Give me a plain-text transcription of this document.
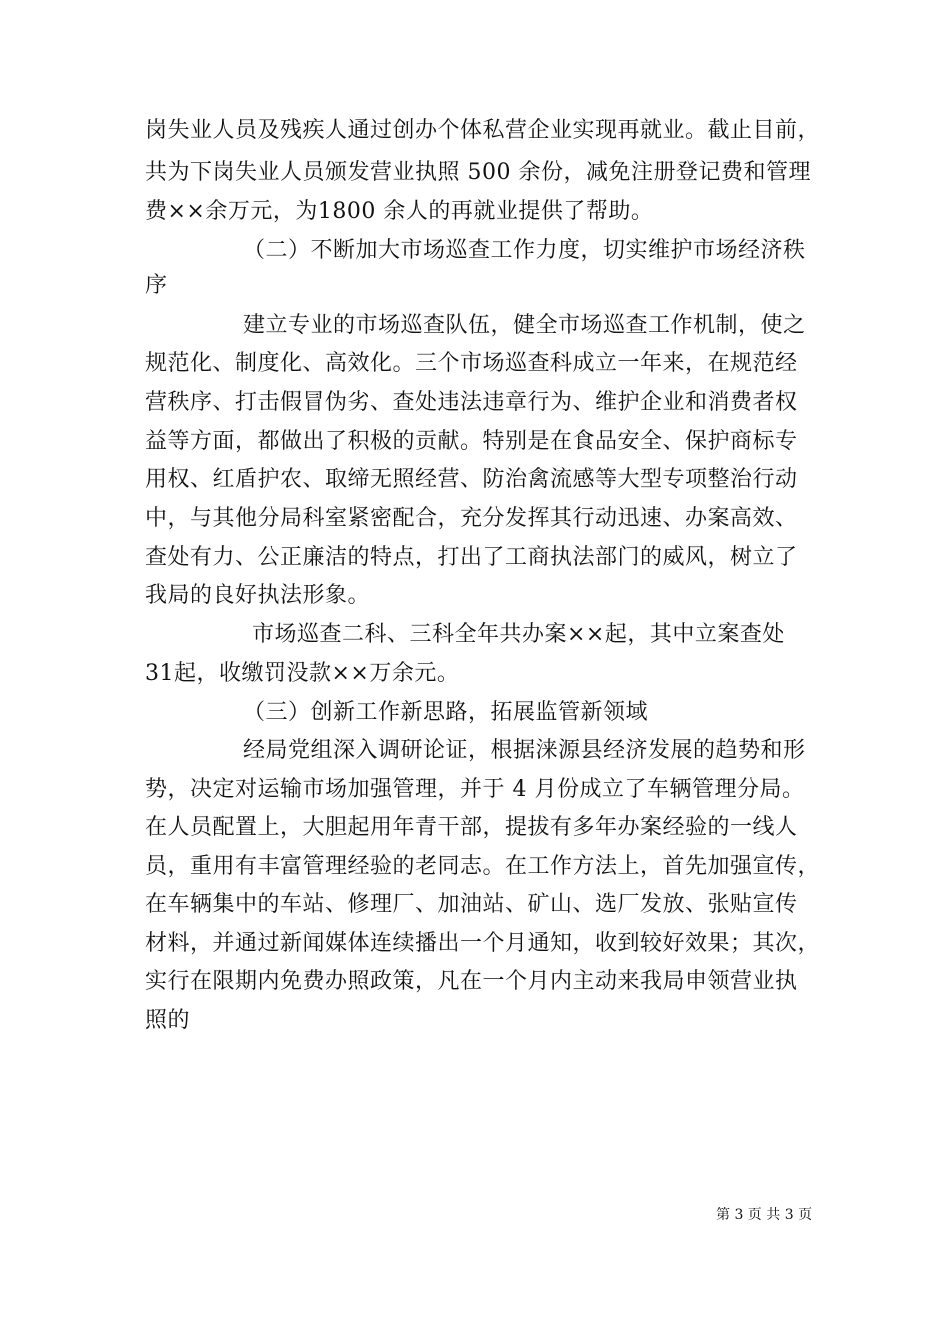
岗失业人员及残疾人通过创办个体私营企业实现再就业。截止目前，
共为下岗失业人员颁发营业执照 500 余份，减免注册登记费和管理
费××余万元，为1800 余人的再就业提供了帮助。
（二）不断加大市场巡查工作力度，切实维护市场经济秩
序
建立专业的市场巡查队伍，健全市场巡查工作机制，使之
规范化、制度化、高效化。三个市场巡查科成立一年来，在规范经
营秩序、打击假冒伪劣、查处违法违章行为、维护企业和消费者权
益等方面，都做出了积极的贡献。特别是在食品安全、保护商标专
用权、红盾护农、取缔无照经营、防治禽流感等大型专项整治行动
中，与其他分局科室紧密配合，充分发挥其行动迅速、办案高效、
查处有力、公正廉洁的特点，打出了工商执法部门的威风，树立了
我局的良好执法形象。
市场巡查二科、三科全年共办案××起，其中立案查处
31起，收缴罚没款××万余元。
（三）创新工作新思路，拓展监管新领域
经局党组深入调研论证，根据涞源县经济发展的趋势和形
势，决定对运输市场加强管理，并于 4 月份成立了车辆管理分局。
在人员配置上，大胆起用年青干部，提拔有多年办案经验的一线人
员，重用有丰富管理经验的老同志。在工作方法上，首先加强宣传，
在车辆集中的车站、修理厂、加油站、矿山、选厂发放、张贴宣传
材料，并通过新闻媒体连续播出一个月通知，收到较好效果；其次，
实行在限期内免费办照政策，凡在一个月内主动来我局申领营业执
照的
第 3 页 共 3 页
